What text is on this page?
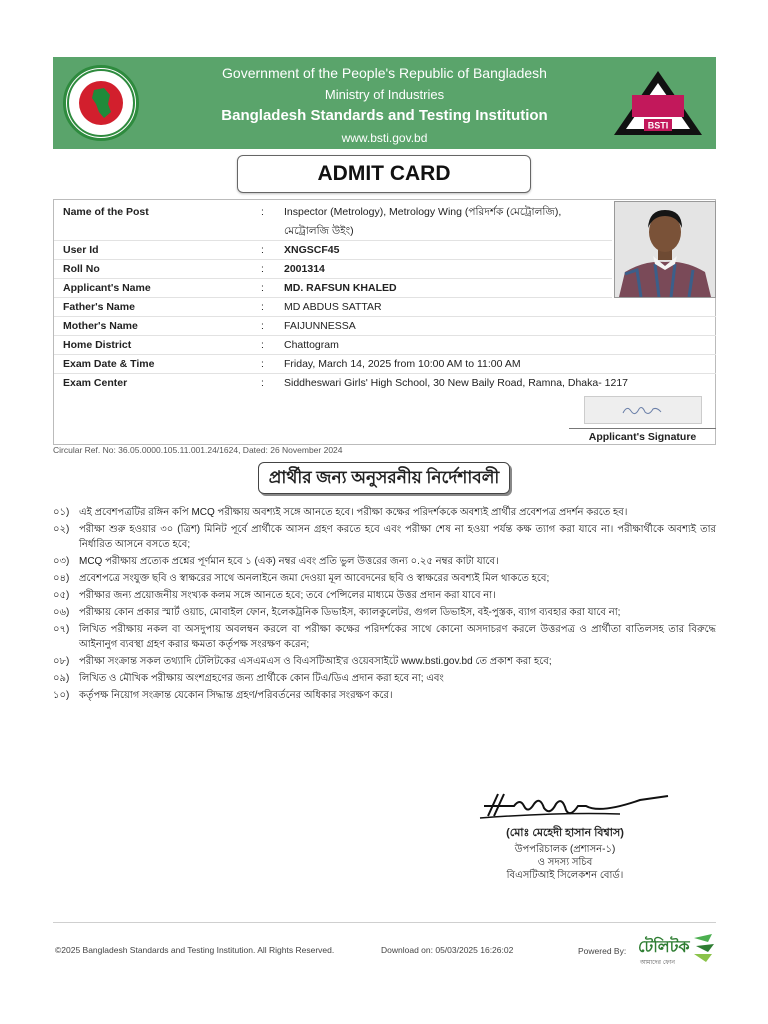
Government of the People's Republic of Bangladesh
Ministry of Industries
Bangladesh Standards and Testing Institution
www.bsti.gov.bd
BSTI
ADMIT CARD
Name of the Post	: Inspector (Metrology), Metrology Wing (পরিদর্শক (মেট্রোলজি), মেট্রোলজি উইং)
User Id	: XNGSCF45
Roll No	: 2001314
Applicant's Name	: MD. RAFSUN KHALED
Father's Name	: MD ABDUS SATTAR
Mother's Name	: FAIJUNNESSA
Home District	: Chattogram
Exam Date & Time	: Friday, March 14, 2025 from 10:00 AM to 11:00 AM
Exam Center	: Siddheswari Girls' High School, 30 New Baily Road, Ramna, Dhaka- 1217
Applicant's Signature
Circular Ref. No: 36.05.0000.105.11.001.24/1624, Dated: 26 November 2024
প্রার্থীর জন্য অনুসরনীয় নির্দেশাবলী
০১) এই প্রবেশপত্রটির রঙ্গিন কপি MCQ পরীক্ষায় অবশ্যই সঙ্গে আনতে হবে। পরীক্ষা কক্ষের পরিদর্শককে অবশ্যই প্রার্থীর প্রবেশপত্র প্রদর্শন করতে হব।
০২) পরীক্ষা শুরু হওয়ার ৩০ (ত্রিশ) মিনিট পূর্বে প্রার্থীকে আসন গ্রহণ করতে হবে এবং পরীক্ষা শেষ না হওয়া পর্যন্ত কক্ষ ত্যাগ করা যাবে না। পরীক্ষার্থীকে অবশ্যই তার নির্ধারিত আসনে বসতে হবে;
০৩) MCQ পরীক্ষায় প্রত্যেক প্রশ্নের পূর্ণমান হবে ১ (এক) নম্বর এবং প্রতি ভুল উত্তরের জন্য ০.২৫ নম্বর কাটা যাবে।
০৪) প্রবেশপত্রে সংযুক্ত ছবি ও স্বাক্ষরের সাথে অনলাইনে জমা দেওয়া মূল আবেদনের ছবি ও স্বাক্ষরের অবশ্যই মিল থাকতে হবে;
০৫) পরীক্ষার জন্য প্রয়োজনীয় সংখ্যক কলম সঙ্গে আনতে হবে; তবে পেন্সিলের মাধ্যমে উত্তর প্রদান করা যাবে না।
০৬) পরীক্ষায় কোন প্রকার স্মার্ট ওয়াচ, মোবাইল ফোন, ইলেকট্রনিক ডিভাইস, ক্যালকুলেটর, গুগল ডিভাইস, বই-পুস্তক, ব্যাগ ব্যবহার করা যাবে না;
০৭) লিখিত পরীক্ষায় নকল বা অসদুপায় অবলম্বন করলে বা পরীক্ষা কক্ষের পরিদর্শকের সাথে কোনো অসদাচরণ করলে উত্তরপত্র ও প্রার্থীতা বাতিলসহ তার বিরুদ্ধে আইনানুগ ব্যবস্থা গ্রহণ করার ক্ষমতা কর্তৃপক্ষ সংরক্ষণ করেন;
০৮) পরীক্ষা সংক্রান্ত সকল তথ্যাদি টেলিটকের এসএমএস ও বিএসটিআই'র ওয়েবসাইটে www.bsti.gov.bd তে প্রকাশ করা হবে;
০৯) লিখিত ও মৌখিক পরীক্ষায় অংশগ্রহণের জন্য প্রার্থীকে কোন টিএ/ডিএ প্রদান করা হবে না; এবং
১০) কর্তৃপক্ষ নিয়োগ সংক্রান্ত যেকোন সিদ্ধান্ত গ্রহণ/পরিবর্তনের অধিকার সংরক্ষণ করে।
(মোঃ মেহেদী হাসান বিশ্বাস)
উপপরিচালক (প্রশাসন-১)
ও সদস্য সচিব
বিএসটিআই সিলেকশন বোর্ড।
©2025 Bangladesh Standards and Testing Institution. All Rights Reserved.	Download on: 05/03/2025 16:26:02	Powered By: টেলিটক
আমাদের ফোন
